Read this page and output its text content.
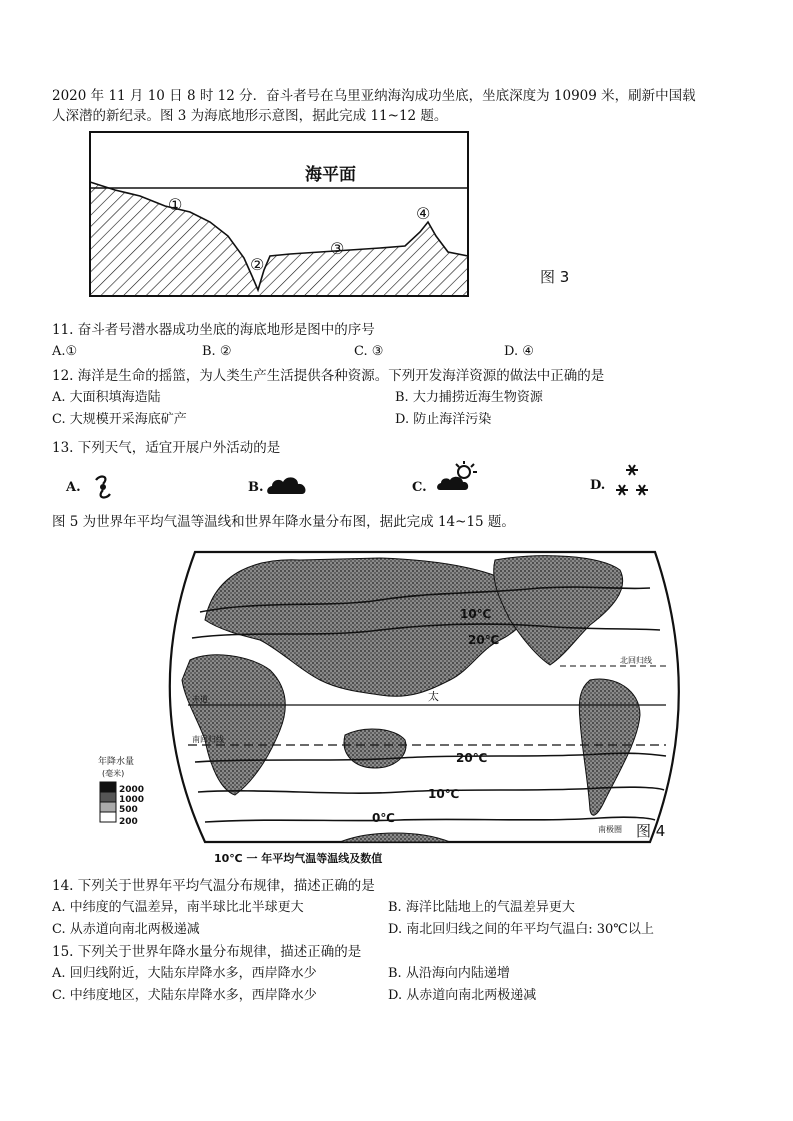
2020 年 11 月 10 日 8 时 12 分．奋斗者号在乌里亚纳海沟成功坐底，坐底深度为 10909 米，刷新中国载
人深潜的新纪录。图 3 为海底地形示意图，据此完成 11~12 题。
海平面
①
②
③
④
图 3
11. 奋斗者号潜水器成功坐底的海底地形是图中的序号
A.①	B. ②	C. ③	D. ④
12. 海洋是生命的摇篮，为人类生产生活提供各种资源。下列开发海洋资源的做法中正确的是
A. 大面积填海造陆	B. 大力捕捞近海生物资源
C. 大规模开采海底矿产	D. 防止海洋污染
13. 下列天气，适宜开展户外活动的是
A.	B.	C.	D.
图 5 为世界年平均气温等温线和世界年降水量分布图，据此完成 14~15 题。
10℃
20℃
20℃
10℃
0℃
北回归线
赤道
南回归线
南极圈
太
年降水量
(毫米)
2000
1000
500
200	图 4
10℃ 一 年平均气温等温线及数值
14. 下列关于世界年平均气温分布规律，描述正确的是
A. 中纬度的气温差异，南半球比北半球更大	B. 海洋比陆地上的气温差异更大
C. 从赤道向南北两极递减	D. 南北回归线之间的年平均气温白: 30℃以上
15. 下列关于世界年降水量分布规律，描述正确的是
A. 回归线附近，大陆东岸降水多，西岸降水少	B. 从沿海向内陆递增
C. 中纬度地区，犬陆东岸降水多，西岸降水少	D. 从赤道向南北两极递减
